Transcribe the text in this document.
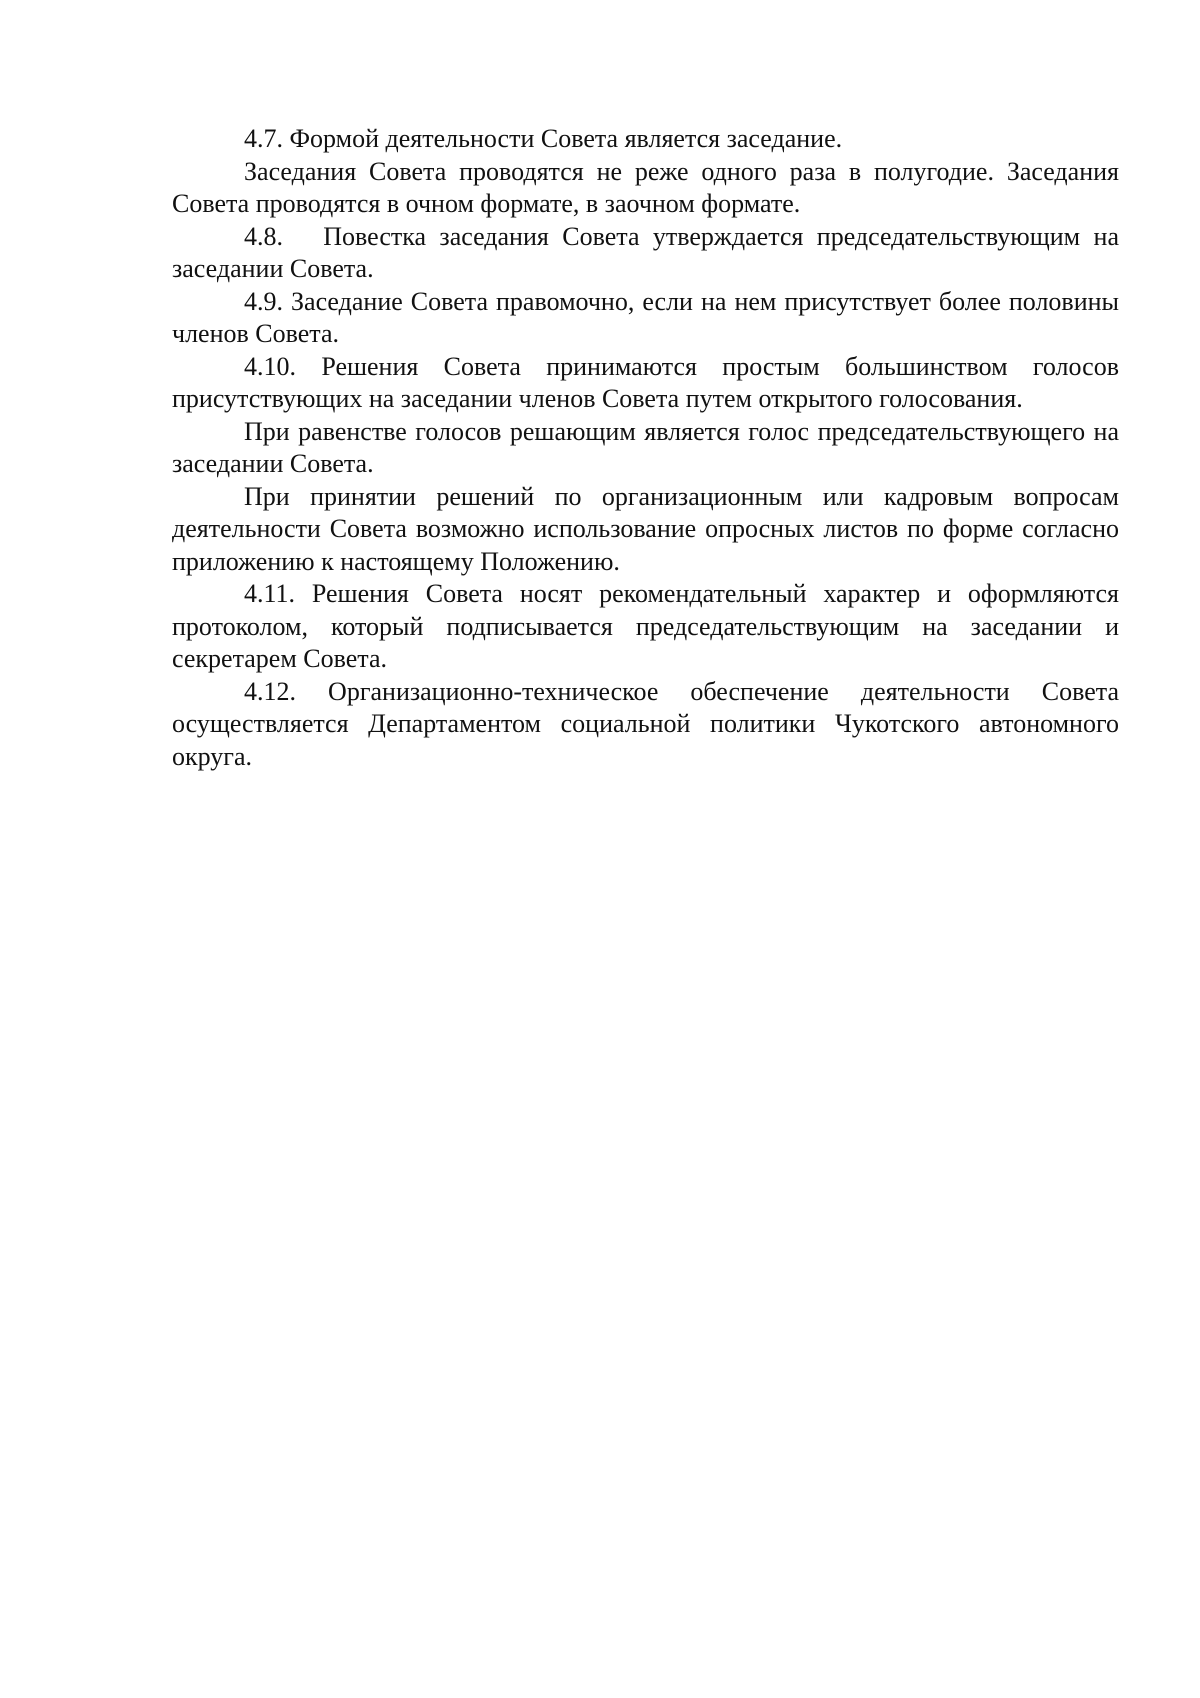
4.7. Формой деятельности Совета является заседание.

Заседания Совета проводятся не реже одного раза в полугодие. Заседания Совета проводятся в очном формате, в заочном формате.

4.8.   Повестка заседания Совета утверждается председательствующим на заседании Совета.

4.9. Заседание Совета правомочно, если на нем присутствует более половины членов Совета.

4.10. Решения Совета принимаются простым большинством голосов присутствующих на заседании членов Совета путем открытого голосования.

При равенстве голосов решающим является голос председательствующего на заседании Совета.

При принятии решений по организационным или кадровым вопросам деятельности Совета возможно использование опросных листов по форме согласно приложению к настоящему Положению.

4.11. Решения Совета носят рекомендательный характер и оформляются протоколом, который подписывается председательствующим на заседании и секретарем Совета.

4.12. Организационно-техническое обеспечение деятельности Совета осуществляется Департаментом социальной политики Чукотского автономного округа.
